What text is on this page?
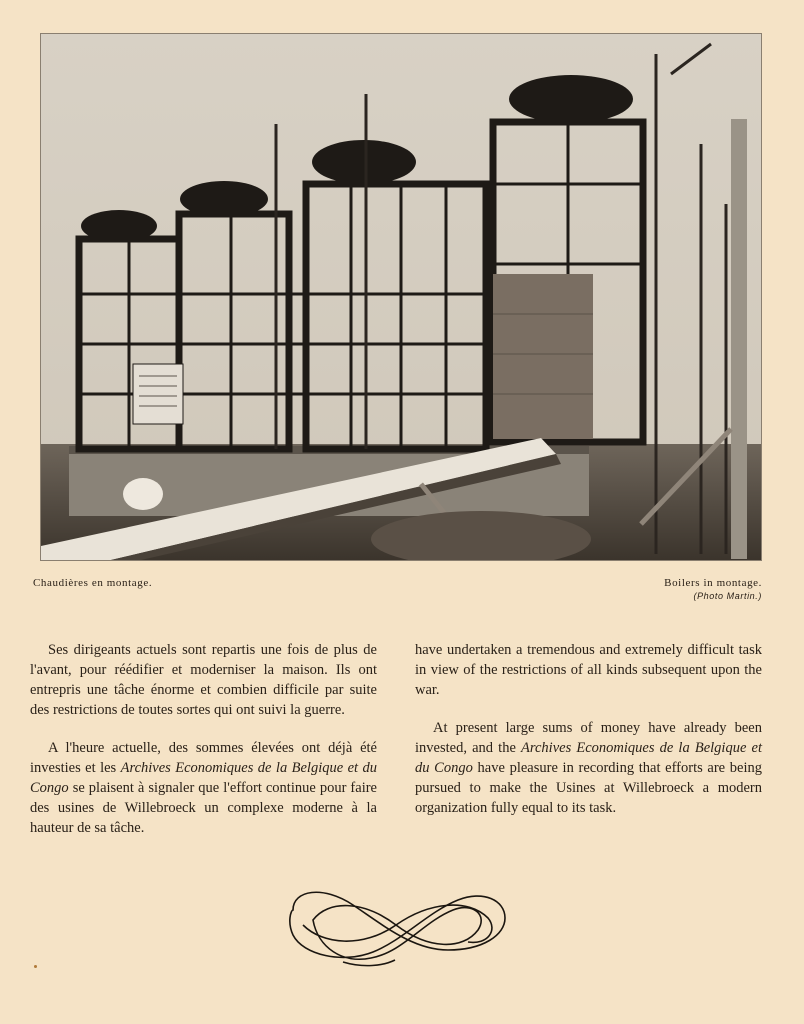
Chaudières en montage.	Boilers in montage.
(Photo Martin.)

Ses dirigeants actuels sont repartis une fois de plus de l'avant, pour réédifier et moderniser la maison. Ils ont entrepris une tâche énorme et combien difficile par suite des restrictions de toutes sortes qui ont suivi la guerre.

A l'heure actuelle, des sommes élevées ont déjà été investies et les Archives Economiques de la Belgique et du Congo se plaisent à signaler que l'effort continue pour faire des usines de Willebroeck un complexe moderne à la hauteur de sa tâche.

have undertaken a tremendous and extremely difficult task in view of the restrictions of all kinds subsequent upon the war.

At present large sums of money have already been invested, and the Archives Economiques de la Belgique et du Congo have pleasure in recording that efforts are being pursued to make the Usines at Willebroeck a modern organization fully equal to its task.
